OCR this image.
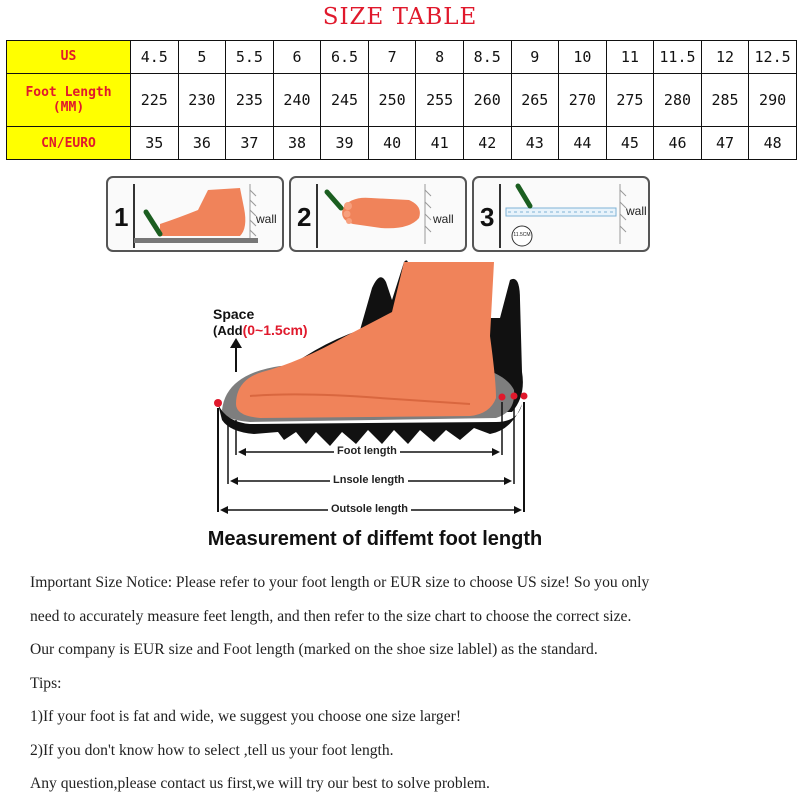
SIZE TABLE
US	4.5	5	5.5	6	6.5	7	8	8.5	9	10	11	11.5	12	12.5
Foot Length (MM)	225	230	235	240	245	250	255	260	265	270	275	280	285	290
CN/EURO	35	36	37	38	39	40	41	42	43	44	45	46	47	48
1	wall 2	wall 3
11.5CM
wall
Space
(Add(0~1.5cm)
Foot length
Lnsole length
Outsole length
Measurement of diffemt foot length

Important Size Notice: Please refer to your foot length or EUR size to choose US size! So you only

need to accurately measure feet length, and then refer to the size chart to choose the correct size.

Our company is EUR size and Foot length (marked on the shoe size lablel) as the standard.

Tips:

1)If your foot is fat and wide, we suggest you choose one size larger!

2)If you don't know how to select ,tell us your foot length.

Any question,please contact us first,we will try our best to solve problem.
